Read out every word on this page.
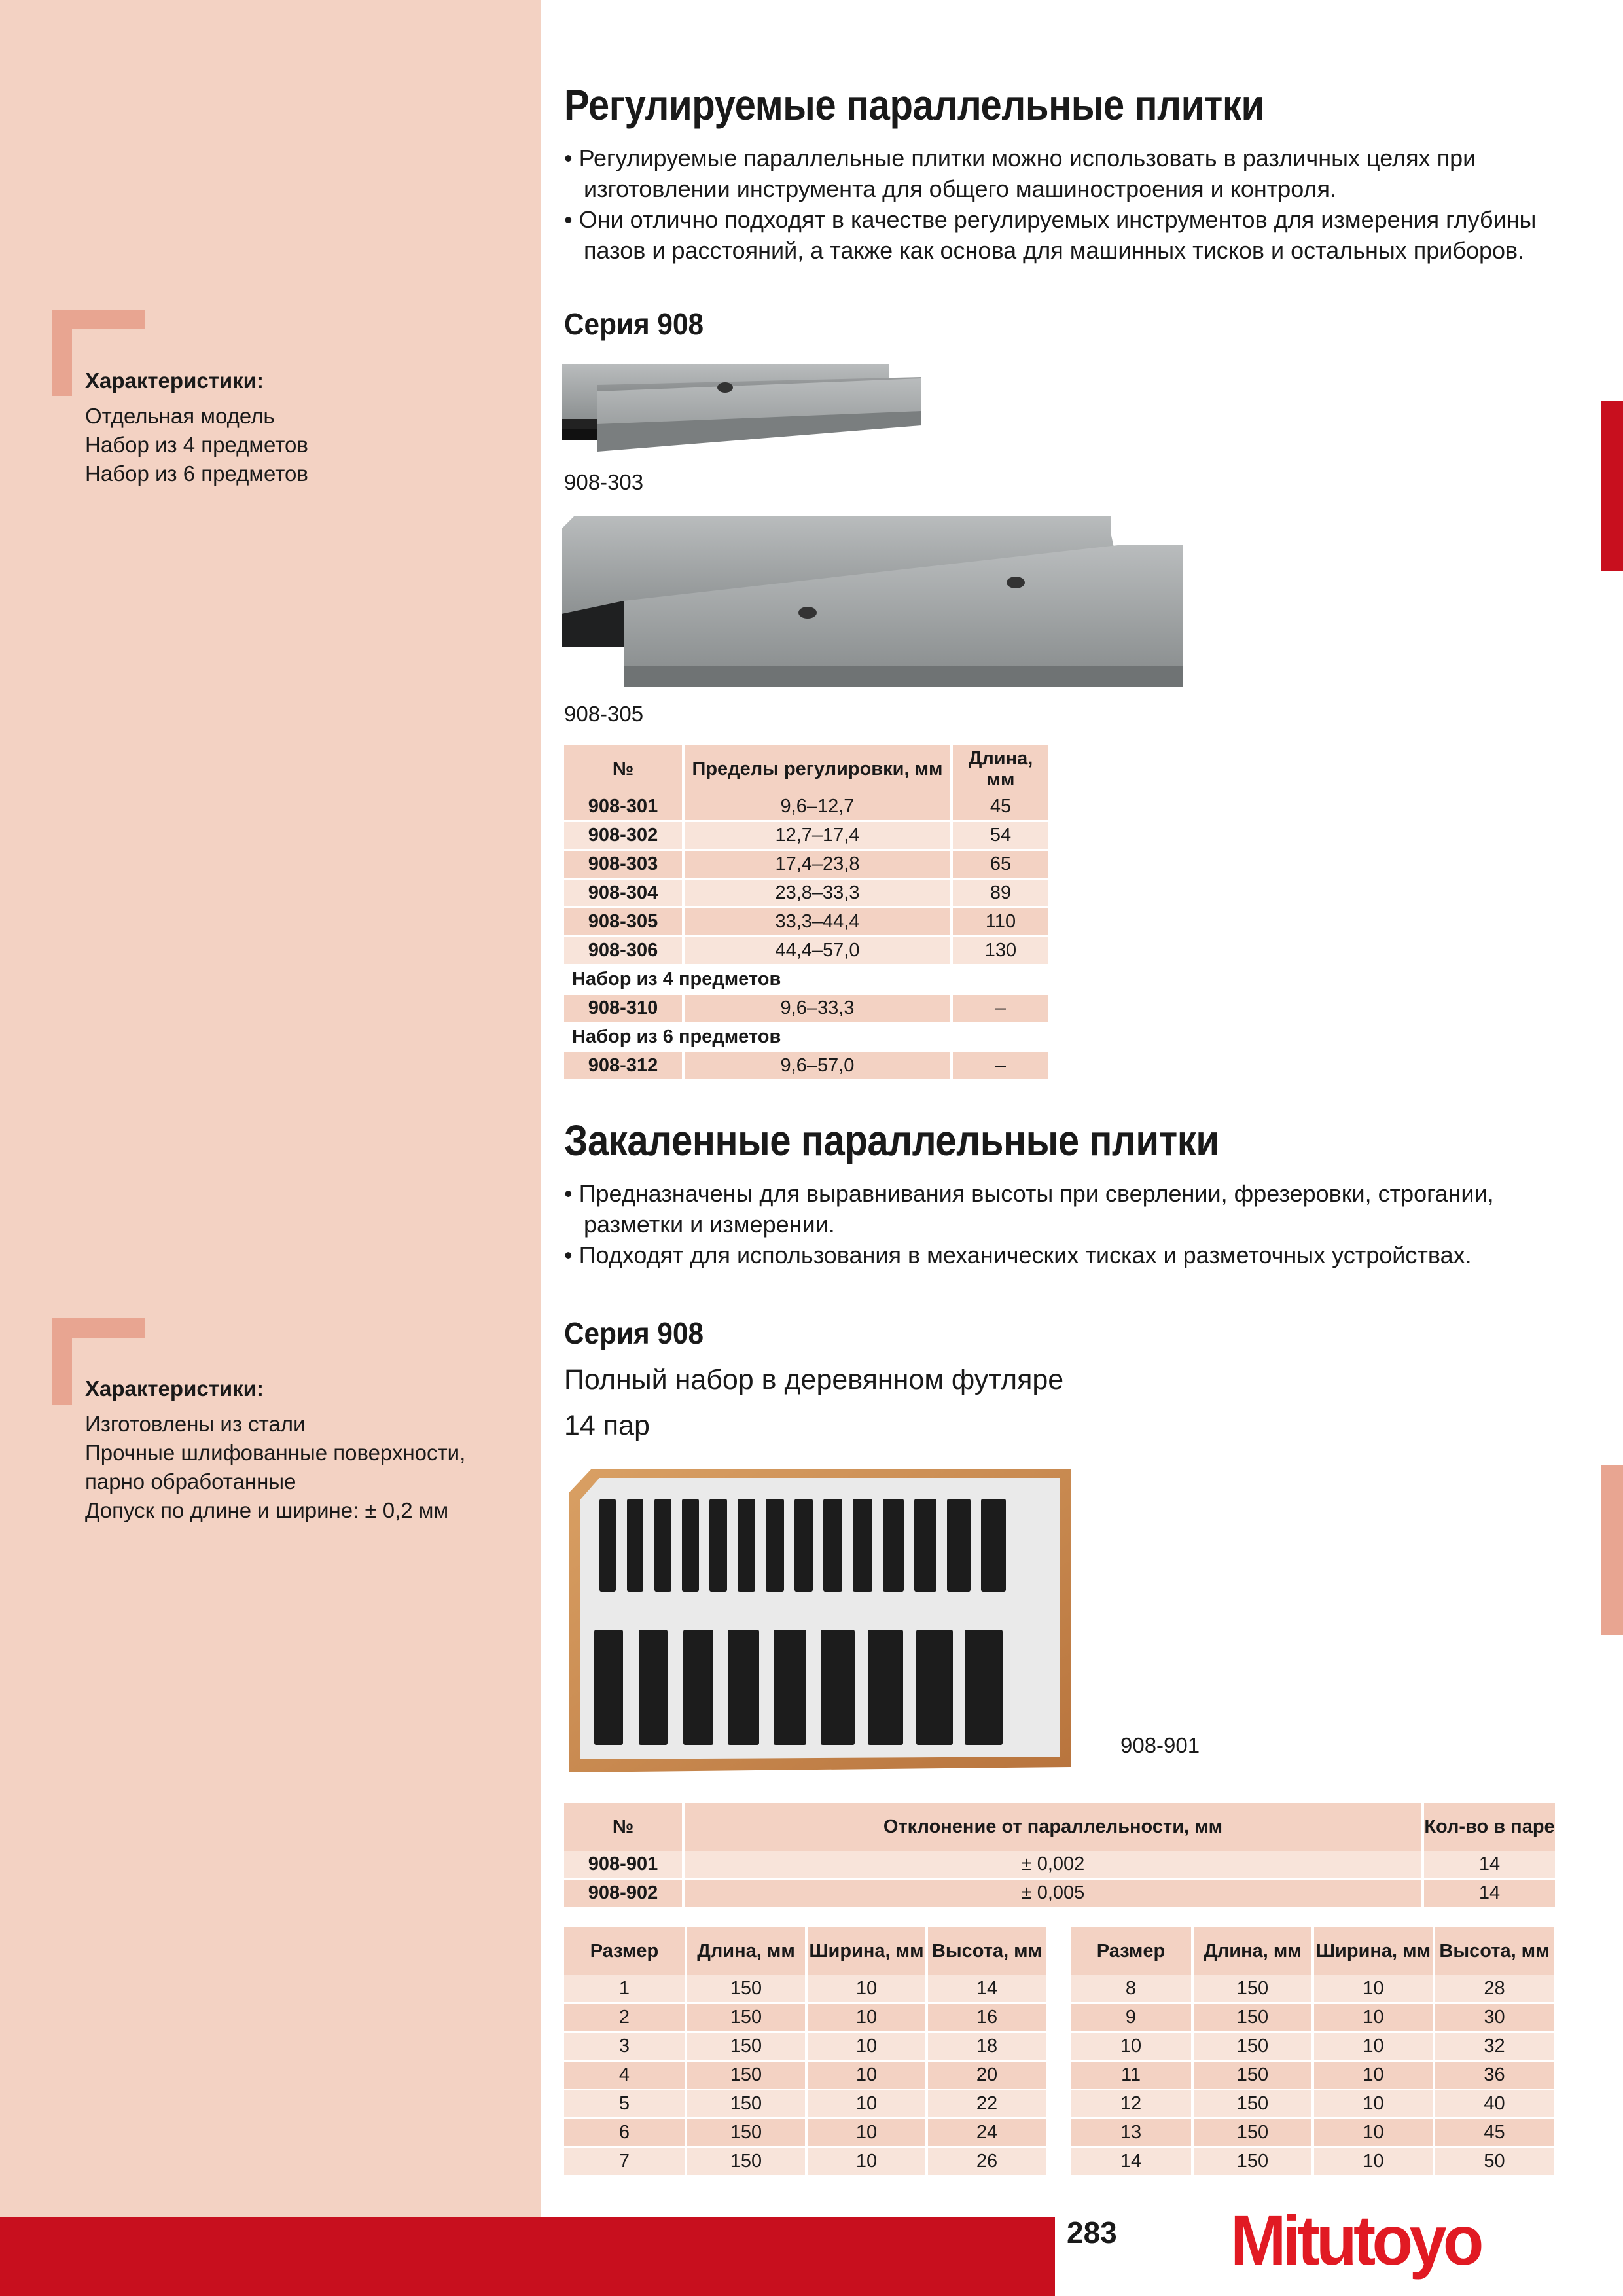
Характеристики:
Отдельная модель
Набор из 4 предметов
Набор из 6 предметов
Характеристики:
Изготовлены из стали
Прочные шлифованные поверхности,
парно обработанные
Допуск по длине и ширине: ± 0,2 мм
Регулируемые параллельные плитки
• Регулируемые параллельные плитки можно использовать в различных целях при изготовлении инструмента для общего машиностроения и контроля.
• Они отлично подходят в качестве регулируемых инструментов для измерения глубины пазов и расстояний, а также как основа для машинных тисков и остальных приборов.
Серия 908
908-303
908-305
№	Пределы регулировки, мм	Длина, мм
908-301	9,6–12,7	45
908-302	12,7–17,4	54
908-303	17,4–23,8	65
908-304	23,8–33,3	89
908-305	33,3–44,4	110
908-306	44,4–57,0	130
Набор из 4 предметов		
908-310	9,6–33,3	–
Набор из 6 предметов		
908-312	9,6–57,0	–
Закаленные параллельные плитки
• Предназначены для выравнивания высоты при сверлении, фрезеровки, строгании, разметки и измерении.
• Подходят для использования в механических тисках и разметочных устройствах.
Серия 908
Полный набор в деревянном футляре
14 пар
908-901
№	Отклонение от параллельности, мм	Кол-во в паре
908-901	± 0,002	14
908-902	± 0,005	14
Размер	Длина, мм	Ширина, мм	Высота, мм
1	150	10	14
2	150	10	16
3	150	10	18
4	150	10	20
5	150	10	22
6	150	10	24
7	150	10	26
Размер	Длина, мм	Ширина, мм	Высота, мм
8	150	10	28
9	150	10	30
10	150	10	32
11	150	10	36
12	150	10	40
13	150	10	45
14	150	10	50
283 Mitutoyo
